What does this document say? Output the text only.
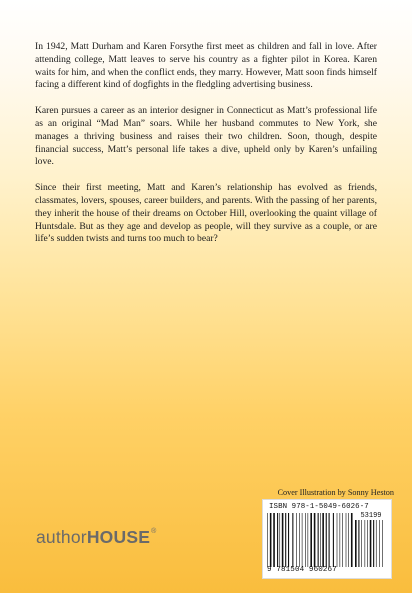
In 1942, Matt Durham and Karen Forsythe first meet as children and fall in love. After attending college, Matt leaves to serve his country as a fighter pilot in Korea. Karen waits for him, and when the conflict ends, they marry. However, Matt soon finds himself facing a different kind of dogfights in the fledgling advertising business.

Karen pursues a career as an interior designer in Connecticut as Matt’s professional life as an original “Mad Man” soars. While her husband commutes to New York, she manages a thriving business and raises their two children. Soon, though, despite financial success, Matt’s personal life takes a dive, upheld only by Karen’s unfailing love.

Since their first meeting, Matt and Karen’s relationship has evolved as friends, classmates, lovers, spouses, career builders, and parents. With the passing of her parents, they inherit the house of their dreams on October Hill, overlooking the quaint village of Huntsdale. But as they age and develop as people, will they survive as a couple, or are life’s sudden twists and turns too much to bear?

Cover Illustration by Sonny Heston
authorHOUSE®
ISBN 978-1-5049-6026-7
53199
9 781504 960267
